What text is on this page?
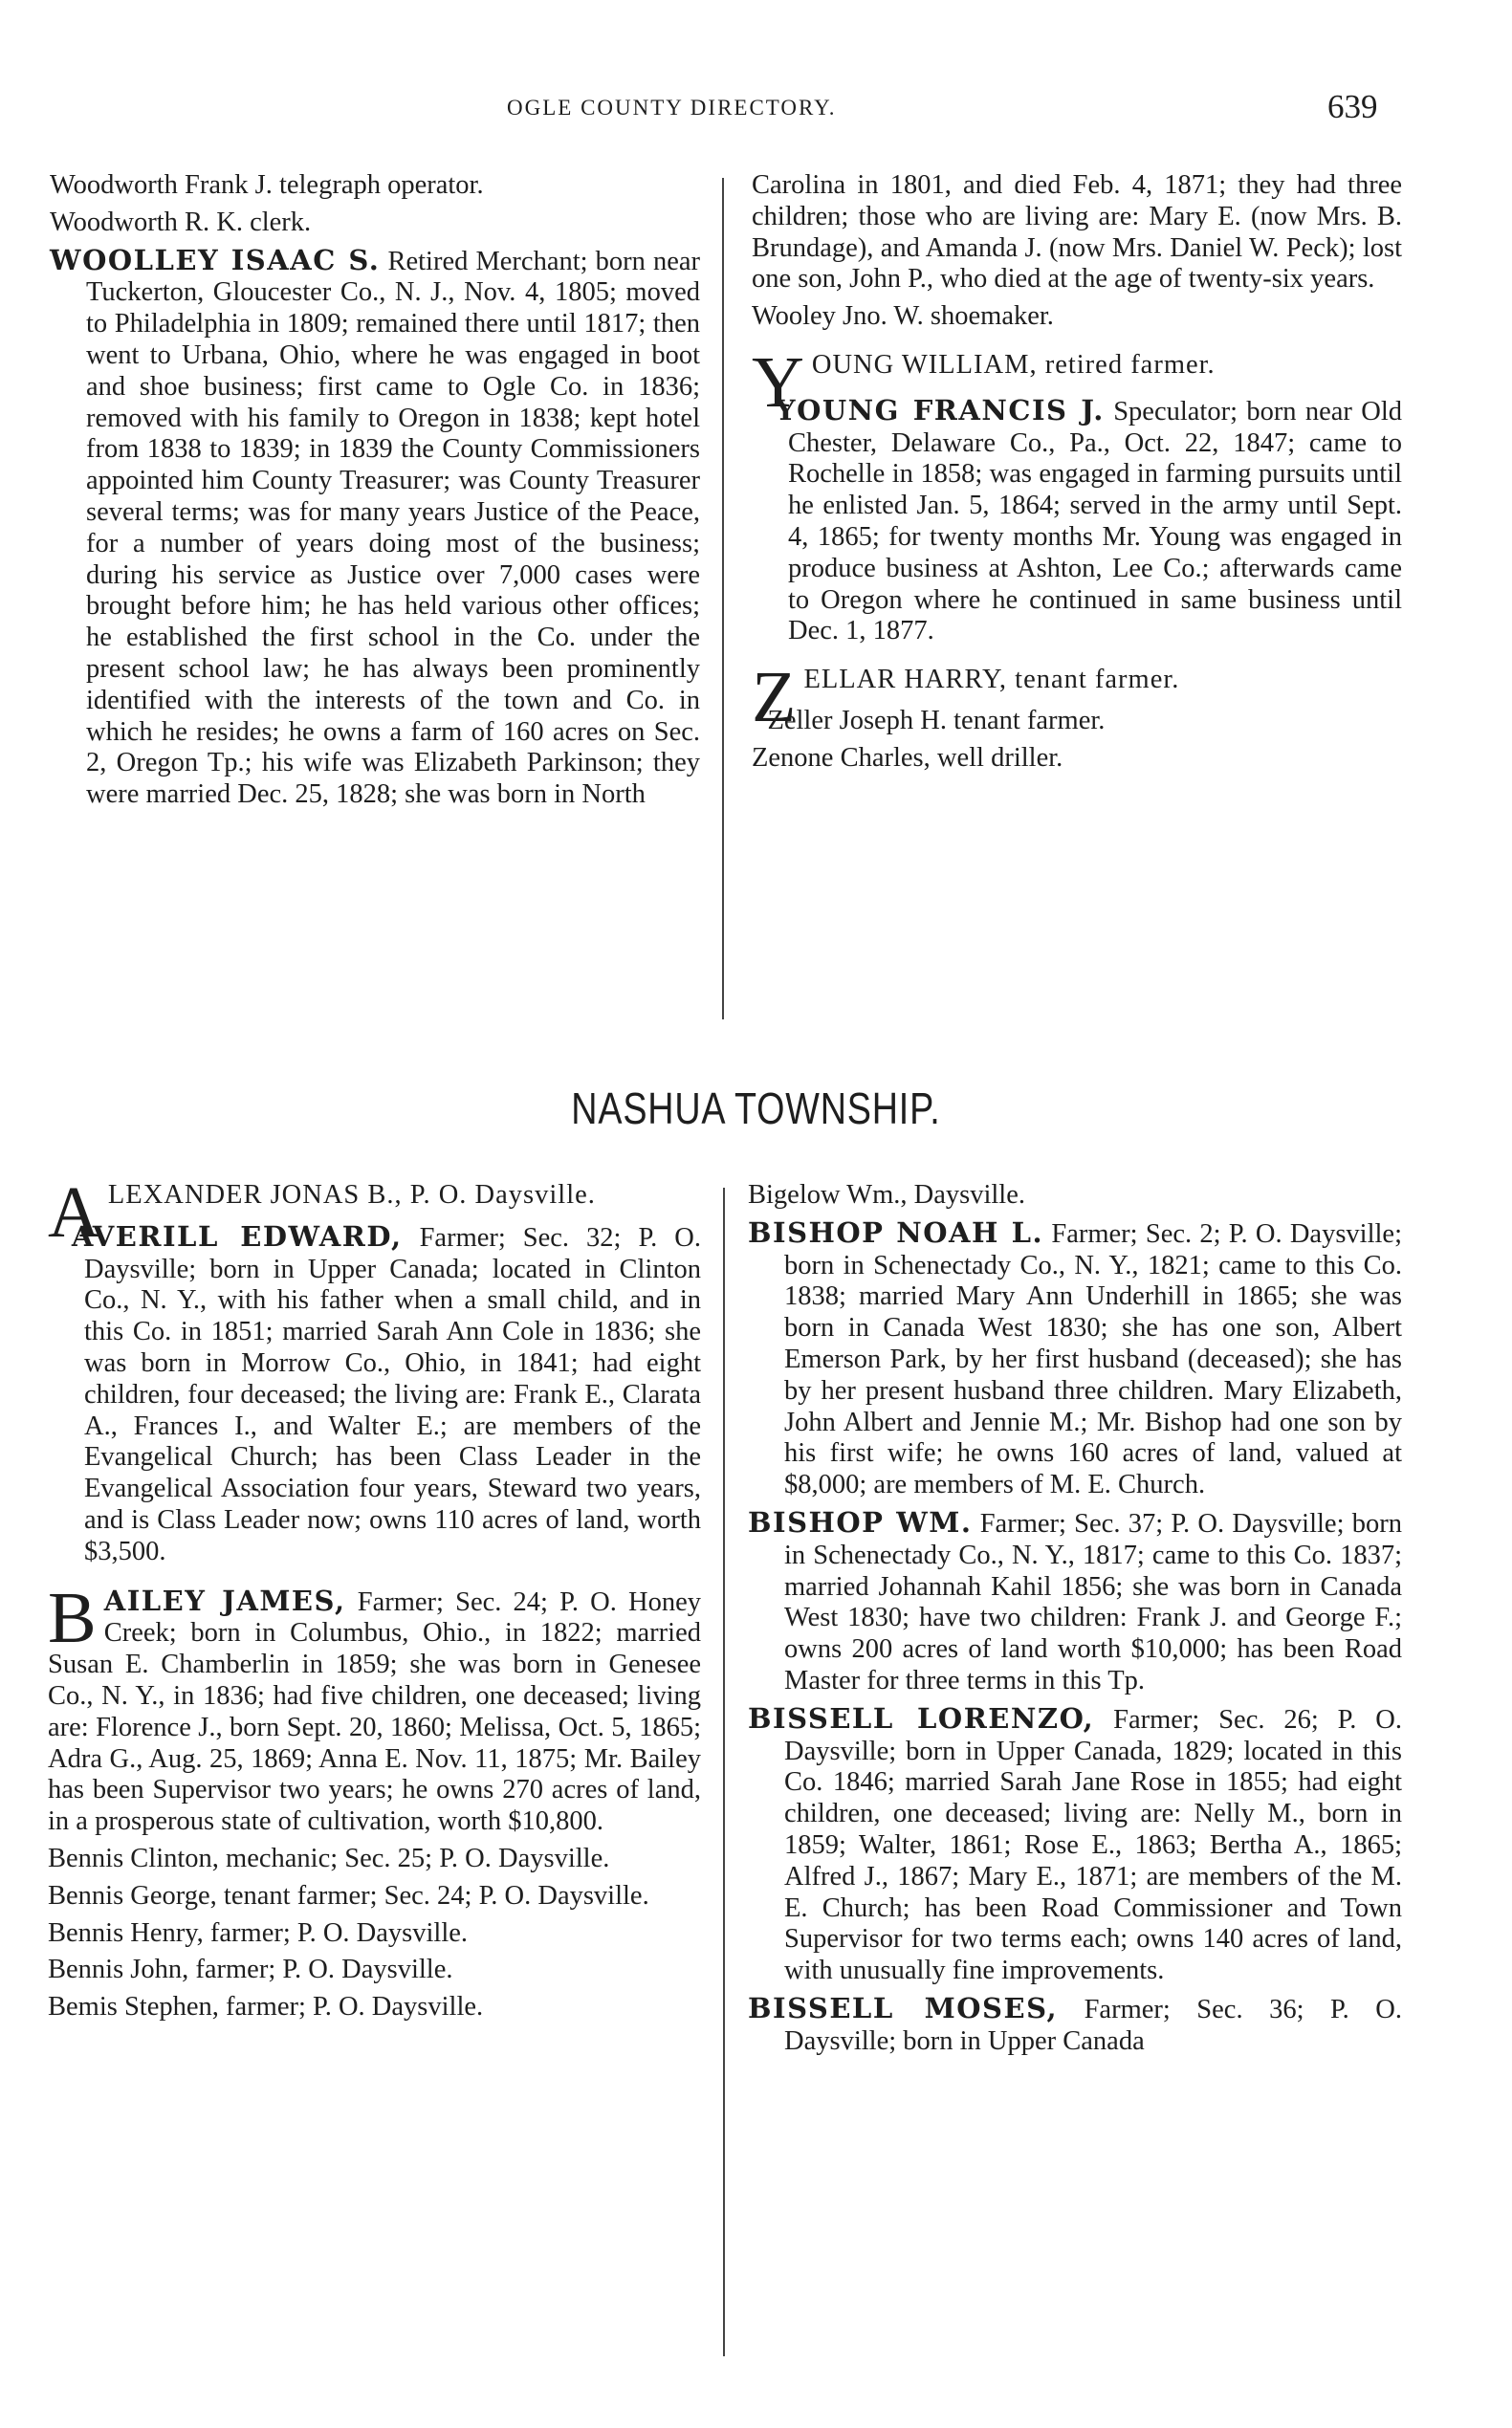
OGLE COUNTY DIRECTORY.	639

Woodworth Frank J. telegraph operator.

Woodworth R. K. clerk.

WOOLLEY ISAAC S. Retired Merchant; born near Tuckerton, Gloucester Co., N. J., Nov. 4, 1805; moved to Philadelphia in 1809; remained there until 1817; then went to Urbana, Ohio, where he was engaged in boot and shoe business; first came to Ogle Co. in 1836; removed with his family to Oregon in 1838; kept hotel from 1838 to 1839; in 1839 the County Commissioners appointed him County Treasurer; was County Treasurer several terms; was for many years Justice of the Peace, for a number of years doing most of the business; during his service as Justice over 7,000 cases were brought before him; he has held various other offices; he established the first school in the Co. under the present school law; he has always been prominently identified with the interests of the town and Co. in which he resides; he owns a farm of 160 acres on Sec. 2, Oregon Tp.; his wife was Elizabeth Parkinson; they were married Dec. 25, 1828; she was born in North

Carolina in 1801, and died Feb. 4, 1871; they had three children; those who are living are: Mary E. (now Mrs. B. Brundage), and Amanda J. (now Mrs. Daniel W. Peck); lost one son, John P., who died at the age of twenty-six years.

Wooley Jno. W. shoemaker.

YOUNG WILLIAM, retired farmer.

YOUNG FRANCIS J. Speculator; born near Old Chester, Delaware Co., Pa., Oct. 22, 1847; came to Rochelle in 1858; was engaged in farming pursuits until he enlisted Jan. 5, 1864; served in the army until Sept. 4, 1865; for twenty months Mr. Young was engaged in produce business at Ashton, Lee Co.; afterwards came to Oregon where he continued in same business until Dec. 1, 1877.

ZELLAR HARRY, tenant farmer.

Zeller Joseph H. tenant farmer.

Zenone Charles, well driller.

NASHUA TOWNSHIP.

ALEXANDER JONAS B., P. O. Daysville.

AVERILL EDWARD, Farmer; Sec. 32; P. O. Daysville; born in Upper Canada; located in Clinton Co., N. Y., with his father when a small child, and in this Co. in 1851; married Sarah Ann Cole in 1836; she was born in Morrow Co., Ohio, in 1841; had eight children, four deceased; the living are: Frank E., Clarata A., Frances I., and Walter E.; are members of the Evangelical Church; has been Class Leader in the Evangelical Association four years, Steward two years, and is Class Leader now; owns 110 acres of land, worth $3,500.

BAILEY JAMES, Farmer; Sec. 24; P. O. Honey Creek; born in Columbus, Ohio., in 1822; married Susan E. Chamberlin in 1859; she was born in Genesee Co., N. Y., in 1836; had five children, one deceased; living are: Florence J., born Sept. 20, 1860; Melissa, Oct. 5, 1865; Adra G., Aug. 25, 1869; Anna E. Nov. 11, 1875; Mr. Bailey has been Supervisor two years; he owns 270 acres of land, in a prosperous state of cultivation, worth $10,800.

Bennis Clinton, mechanic; Sec. 25; P. O. Daysville.

Bennis George, tenant farmer; Sec. 24; P. O. Daysville.

Bennis Henry, farmer; P. O. Daysville.

Bennis John, farmer; P. O. Daysville.

Bemis Stephen, farmer; P. O. Daysville.

Bigelow Wm., Daysville.

BISHOP NOAH L. Farmer; Sec. 2; P. O. Daysville; born in Schenectady Co., N. Y., 1821; came to this Co. 1838; married Mary Ann Underhill in 1865; she was born in Canada West 1830; she has one son, Albert Emerson Park, by her first husband (deceased); she has by her present husband three children. Mary Elizabeth, John Albert and Jennie M.; Mr. Bishop had one son by his first wife; he owns 160 acres of land, valued at $8,000; are members of M. E. Church.

BISHOP WM. Farmer; Sec. 37; P. O. Daysville; born in Schenectady Co., N. Y., 1817; came to this Co. 1837; married Johannah Kahil 1856; she was born in Canada West 1830; have two children: Frank J. and George F.; owns 200 acres of land worth $10,000; has been Road Master for three terms in this Tp.

BISSELL LORENZO, Farmer; Sec. 26; P. O. Daysville; born in Upper Canada, 1829; located in this Co. 1846; married Sarah Jane Rose in 1855; had eight children, one deceased; living are: Nelly M., born in 1859; Walter, 1861; Rose E., 1863; Bertha A., 1865; Alfred J., 1867; Mary E., 1871; are members of the M. E. Church; has been Road Commissioner and Town Supervisor for two terms each; owns 140 acres of land, with unusually fine improvements.

BISSELL MOSES, Farmer; Sec. 36; P. O. Daysville; born in Upper Canada
